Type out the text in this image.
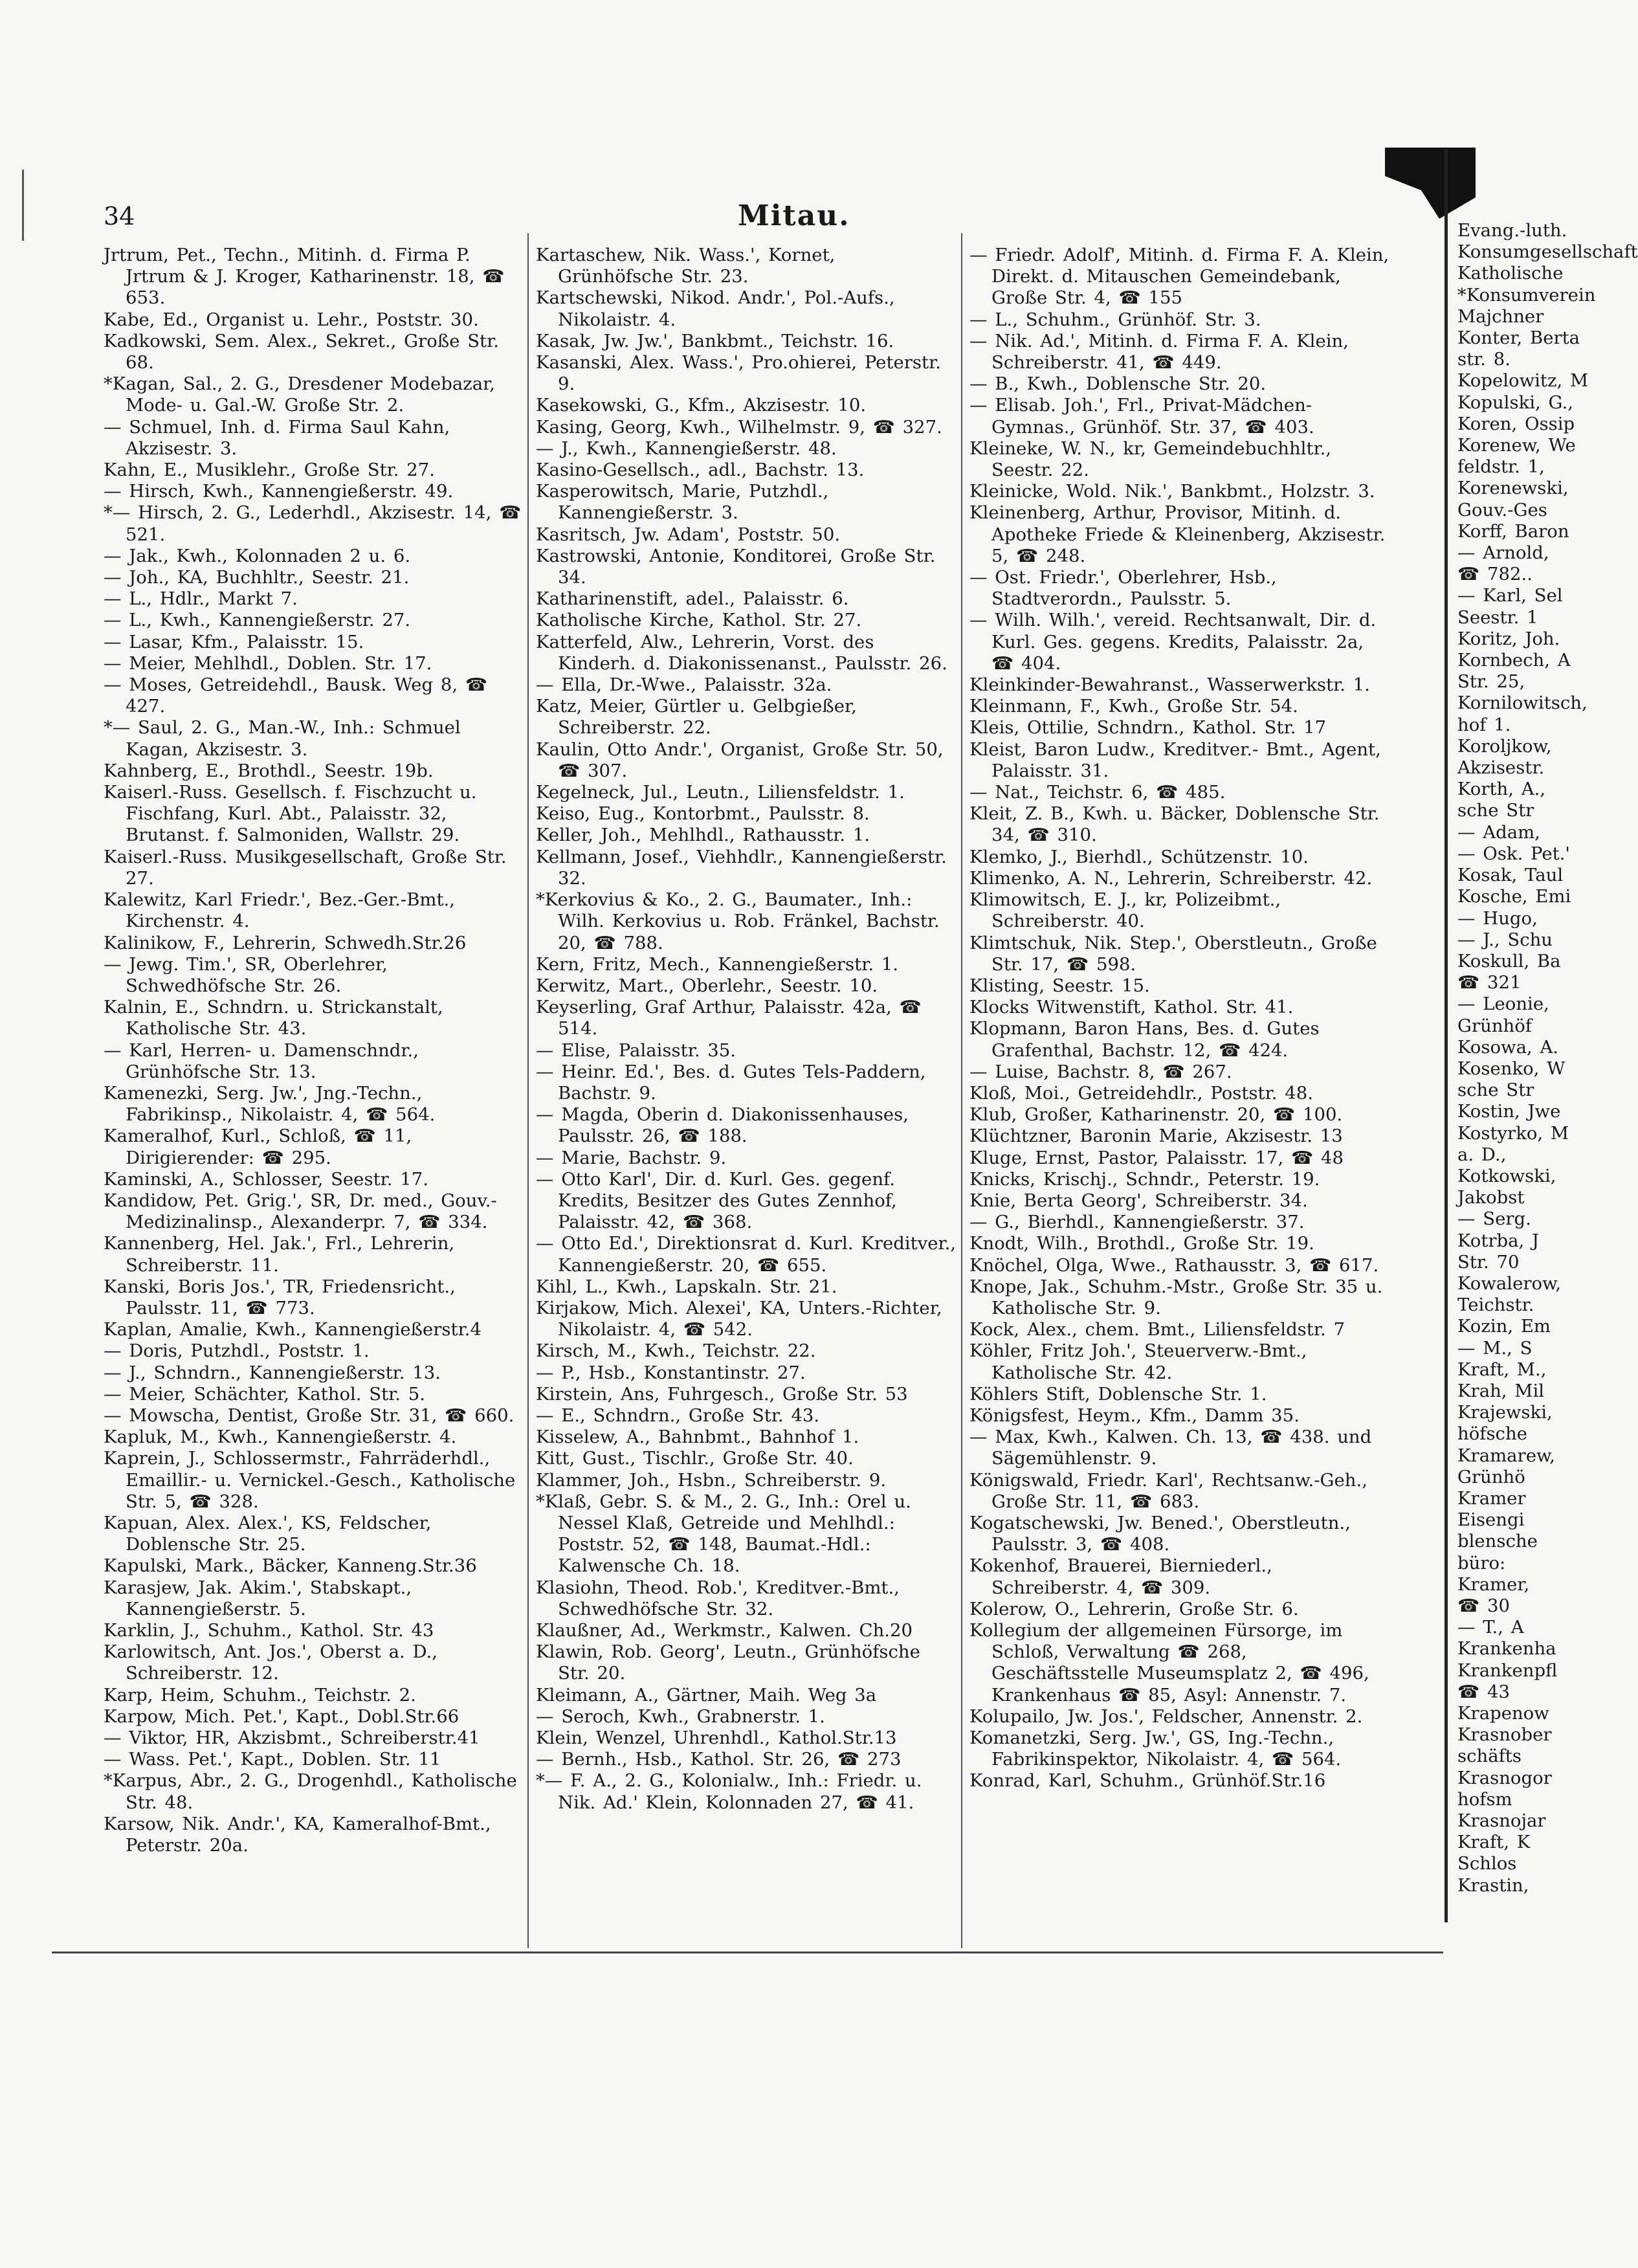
34	Mitau.

Jrtrum, Pet., Techn., Mitinh. d. Firma P. Jrtrum & J. Kroger, Katharinenstr. 18, ☎ 653.

Kabe, Ed., Organist u. Lehr., Poststr. 30.

Kadkowski, Sem. Alex., Sekret., Große Str. 68.

*Kagan, Sal., 2. G., Dresdener Modebazar, Mode- u. Gal.-W. Große Str. 2.

— Schmuel, Inh. d. Firma Saul Kahn, Akzisestr. 3.

Kahn, E., Musiklehr., Große Str. 27.

— Hirsch, Kwh., Kannengießerstr. 49.

*— Hirsch, 2. G., Lederhdl., Akzisestr. 14, ☎ 521.

— Jak., Kwh., Kolonnaden 2 u. 6.

— Joh., KA, Buchhltr., Seestr. 21.

— L., Hdlr., Markt 7.

— L., Kwh., Kannengießerstr. 27.

— Lasar, Kfm., Palaisstr. 15.

— Meier, Mehlhdl., Doblen. Str. 17.

— Moses, Getreidehdl., Bausk. Weg 8, ☎ 427.

*— Saul, 2. G., Man.-W., Inh.: Schmuel Kagan, Akzisestr. 3.

Kahnberg, E., Brothdl., Seestr. 19b.

Kaiserl.-Russ. Gesellsch. f. Fischzucht u. Fischfang, Kurl. Abt., Palaisstr. 32, Brutanst. f. Salmoniden, Wallstr. 29.

Kaiserl.-Russ. Musikgesellschaft, Große Str. 27.

Kalewitz, Karl Friedr.', Bez.-Ger.-Bmt., Kirchenstr. 4.

Kalinikow, F., Lehrerin, Schwedh.Str.26

— Jewg. Tim.', SR, Oberlehrer, Schwedhöfsche Str. 26.

Kalnin, E., Schndrn. u. Strickanstalt, Katholische Str. 43.

— Karl, Herren- u. Damenschndr., Grünhöfsche Str. 13.

Kamenezki, Serg. Jw.', Jng.-Techn., Fabrikinsp., Nikolaistr. 4, ☎ 564.

Kameralhof, Kurl., Schloß, ☎ 11, Dirigierender: ☎ 295.

Kaminski, A., Schlosser, Seestr. 17.

Kandidow, Pet. Grig.', SR, Dr. med., Gouv.-Medizinalinsp., Alexanderpr. 7, ☎ 334.

Kannenberg, Hel. Jak.', Frl., Lehrerin, Schreiberstr. 11.

Kanski, Boris Jos.', TR, Friedensricht., Paulsstr. 11, ☎ 773.

Kaplan, Amalie, Kwh., Kannengießerstr.4

— Doris, Putzhdl., Poststr. 1.

— J., Schndrn., Kannengießerstr. 13.

— Meier, Schächter, Kathol. Str. 5.

— Mowscha, Dentist, Große Str. 31, ☎ 660.

Kapluk, M., Kwh., Kannengießerstr. 4.

Kaprein, J., Schlossermstr., Fahrräderhdl., Emaillir.- u. Vernickel.-Gesch., Katholische Str. 5, ☎ 328.

Kapuan, Alex. Alex.', KS, Feldscher, Doblensche Str. 25.

Kapulski, Mark., Bäcker, Kanneng.Str.36

Karasjew, Jak. Akim.', Stabskapt., Kannengießerstr. 5.

Karklin, J., Schuhm., Kathol. Str. 43

Karlowitsch, Ant. Jos.', Oberst a. D., Schreiberstr. 12.

Karp, Heim, Schuhm., Teichstr. 2.

Karpow, Mich. Pet.', Kapt., Dobl.Str.66

— Viktor, HR, Akzisbmt., Schreiberstr.41

— Wass. Pet.', Kapt., Doblen. Str. 11

*Karpus, Abr., 2. G., Drogenhdl., Katholische Str. 48.

Karsow, Nik. Andr.', KA, Kameralhof-Bmt., Peterstr. 20a.

Kartaschew, Nik. Wass.', Kornet, Grünhöfsche Str. 23.

Kartschewski, Nikod. Andr.', Pol.-Aufs., Nikolaistr. 4.

Kasak, Jw. Jw.', Bankbmt., Teichstr. 16.

Kasanski, Alex. Wass.', Pro.ohierei, Peterstr. 9.

Kasekowski, G., Kfm., Akzisestr. 10.

Kasing, Georg, Kwh., Wilhelmstr. 9, ☎ 327.

— J., Kwh., Kannengießerstr. 48.

Kasino-Gesellsch., adl., Bachstr. 13.

Kasperowitsch, Marie, Putzhdl., Kannengießerstr. 3.

Kasritsch, Jw. Adam', Poststr. 50.

Kastrowski, Antonie, Konditorei, Große Str. 34.

Katharinenstift, adel., Palaisstr. 6.

Katholische Kirche, Kathol. Str. 27.

Katterfeld, Alw., Lehrerin, Vorst. des Kinderh. d. Diakonissenanst., Paulsstr. 26.

— Ella, Dr.-Wwe., Palaisstr. 32a.

Katz, Meier, Gürtler u. Gelbgießer, Schreiberstr. 22.

Kaulin, Otto Andr.', Organist, Große Str. 50, ☎ 307.

Kegelneck, Jul., Leutn., Liliensfeldstr. 1.

Keiso, Eug., Kontorbmt., Paulsstr. 8.

Keller, Joh., Mehlhdl., Rathausstr. 1.

Kellmann, Josef., Viehhdlr., Kannengießerstr. 32.

*Kerkovius & Ko., 2. G., Baumater., Inh.: Wilh. Kerkovius u. Rob. Fränkel, Bachstr. 20, ☎ 788.

Kern, Fritz, Mech., Kannengießerstr. 1.

Kerwitz, Mart., Oberlehr., Seestr. 10.

Keyserling, Graf Arthur, Palaisstr. 42a, ☎ 514.

— Elise, Palaisstr. 35.

— Heinr. Ed.', Bes. d. Gutes Tels-Paddern, Bachstr. 9.

— Magda, Oberin d. Diakonissenhauses, Paulsstr. 26, ☎ 188.

— Marie, Bachstr. 9.

— Otto Karl', Dir. d. Kurl. Ges. gegenf. Kredits, Besitzer des Gutes Zennhof, Palaisstr. 42, ☎ 368.

— Otto Ed.', Direktionsrat d. Kurl. Kreditver., Kannengießerstr. 20, ☎ 655.

Kihl, L., Kwh., Lapskaln. Str. 21.

Kirjakow, Mich. Alexei', KA, Unters.-Richter, Nikolaistr. 4, ☎ 542.

Kirsch, M., Kwh., Teichstr. 22.

— P., Hsb., Konstantinstr. 27.

Kirstein, Ans, Fuhrgesch., Große Str. 53

— E., Schndrn., Große Str. 43.

Kisselew, A., Bahnbmt., Bahnhof 1.

Kitt, Gust., Tischlr., Große Str. 40.

Klammer, Joh., Hsbn., Schreiberstr. 9.

*Klaß, Gebr. S. & M., 2. G., Inh.: Orel u. Nessel Klaß, Getreide und Mehlhdl.: Poststr. 52, ☎ 148, Baumat.-Hdl.: Kalwensche Ch. 18.

Klasiohn, Theod. Rob.', Kreditver.-Bmt., Schwedhöfsche Str. 32.

Klaußner, Ad., Werkmstr., Kalwen. Ch.20

Klawin, Rob. Georg', Leutn., Grünhöfsche Str. 20.

Kleimann, A., Gärtner, Maih. Weg 3a

— Seroch, Kwh., Grabnerstr. 1.

Klein, Wenzel, Uhrenhdl., Kathol.Str.13

— Bernh., Hsb., Kathol. Str. 26, ☎ 273

*— F. A., 2. G., Kolonialw., Inh.: Friedr. u. Nik. Ad.' Klein, Kolonnaden 27, ☎ 41.

— Friedr. Adolf', Mitinh. d. Firma F. A. Klein, Direkt. d. Mitauschen Gemeindebank, Große Str. 4, ☎ 155

— L., Schuhm., Grünhöf. Str. 3.

— Nik. Ad.', Mitinh. d. Firma F. A. Klein, Schreiberstr. 41, ☎ 449.

— B., Kwh., Doblensche Str. 20.

— Elisab. Joh.', Frl., Privat-Mädchen-Gymnas., Grünhöf. Str. 37, ☎ 403.

Kleineke, W. N., kr, Gemeindebuchhltr., Seestr. 22.

Kleinicke, Wold. Nik.', Bankbmt., Holzstr. 3.

Kleinenberg, Arthur, Provisor, Mitinh. d. Apotheke Friede & Kleinenberg, Akzisestr. 5, ☎ 248.

— Ost. Friedr.', Oberlehrer, Hsb., Stadtverordn., Paulsstr. 5.

— Wilh. Wilh.', vereid. Rechtsanwalt, Dir. d. Kurl. Ges. gegens. Kredits, Palaisstr. 2a, ☎ 404.

Kleinkinder-Bewahranst., Wasserwerkstr. 1.

Kleinmann, F., Kwh., Große Str. 54.

Kleis, Ottilie, Schndrn., Kathol. Str. 17

Kleist, Baron Ludw., Kreditver.- Bmt., Agent, Palaisstr. 31.

— Nat., Teichstr. 6, ☎ 485.

Kleit, Z. B., Kwh. u. Bäcker, Doblensche Str. 34, ☎ 310.

Klemko, J., Bierhdl., Schützenstr. 10.

Klimenko, A. N., Lehrerin, Schreiberstr. 42.

Klimowitsch, E. J., kr, Polizeibmt., Schreiberstr. 40.

Klimtschuk, Nik. Step.', Oberstleutn., Große Str. 17, ☎ 598.

Klisting, Seestr. 15.

Klocks Witwenstift, Kathol. Str. 41.

Klopmann, Baron Hans, Bes. d. Gutes Grafenthal, Bachstr. 12, ☎ 424.

— Luise, Bachstr. 8, ☎ 267.

Kloß, Moi., Getreidehdlr., Poststr. 48.

Klub, Großer, Katharinenstr. 20, ☎ 100.

Klüchtzner, Baronin Marie, Akzisestr. 13

Kluge, Ernst, Pastor, Palaisstr. 17, ☎ 48

Knicks, Krischj., Schndr., Peterstr. 19.

Knie, Berta Georg', Schreiberstr. 34.

— G., Bierhdl., Kannengießerstr. 37.

Knodt, Wilh., Brothdl., Große Str. 19.

Knöchel, Olga, Wwe., Rathausstr. 3, ☎ 617.

Knope, Jak., Schuhm.-Mstr., Große Str. 35 u. Katholische Str. 9.

Kock, Alex., chem. Bmt., Liliensfeldstr. 7

Köhler, Fritz Joh.', Steuerverw.-Bmt., Katholische Str. 42.

Köhlers Stift, Doblensche Str. 1.

Königsfest, Heym., Kfm., Damm 35.

— Max, Kwh., Kalwen. Ch. 13, ☎ 438. und Sägemühlenstr. 9.

Königswald, Friedr. Karl', Rechtsanw.-Geh., Große Str. 11, ☎ 683.

Kogatschewski, Jw. Bened.', Oberstleutn., Paulsstr. 3, ☎ 408.

Kokenhof, Brauerei, Bierniederl., Schreiberstr. 4, ☎ 309.

Kolerow, O., Lehrerin, Große Str. 6.

Kollegium der allgemeinen Fürsorge, im Schloß, Verwaltung ☎ 268, Geschäftsstelle Museumsplatz 2, ☎ 496, Krankenhaus ☎ 85, Asyl: Annenstr. 7.

Kolupailo, Jw. Jos.', Feldscher, Annenstr. 2.

Komanetzki, Serg. Jw.', GS, Ing.-Techn., Fabrikinspektor, Nikolaistr. 4, ☎ 564.

Konrad, Karl, Schuhm., Grünhöf.Str.16

Evang.-luth.

Konsumgesellschaft

Katholische

*Konsumverein

Majchner

Konter, Berta

str. 8.

Kopelowitz, M

Kopulski, G.,

Koren, Ossip

Korenew, We

feldstr. 1,

Korenewski,

Gouv.-Ges

Korff, Baron

— Arnold,

☎ 782..

— Karl, Sel

Seestr. 1

Koritz, Joh.

Kornbech, A

Str. 25,

Kornilowitsch,

hof 1.

Koroljkow,

Akzisestr.

Korth, A.,

sche Str

— Adam,

— Osk. Pet.'

Kosak, Taul

Kosche, Emi

— Hugo,

— J., Schu

Koskull, Ba

☎ 321

— Leonie,

Grünhöf

Kosowa, A.

Kosenko, W

sche Str

Kostin, Jwe

Kostyrko, M

a. D.,

Kotkowski,

Jakobst

— Serg.

Kotrba, J

Str. 70

Kowalerow,

Teichstr.

Kozin, Em

— M., S

Kraft, M.,

Krah, Mil

Krajewski,

höfsche

Kramarew,

Grünhö

Kramer

Eisengi

blensche

büro:

Kramer,

☎ 30

— T., A

Krankenha

Krankenpfl

☎ 43

Krapenow

Krasnober

schäfts

Krasnogor

hofsm

Krasnojar

Kraft, K

Schlos

Krastin,
